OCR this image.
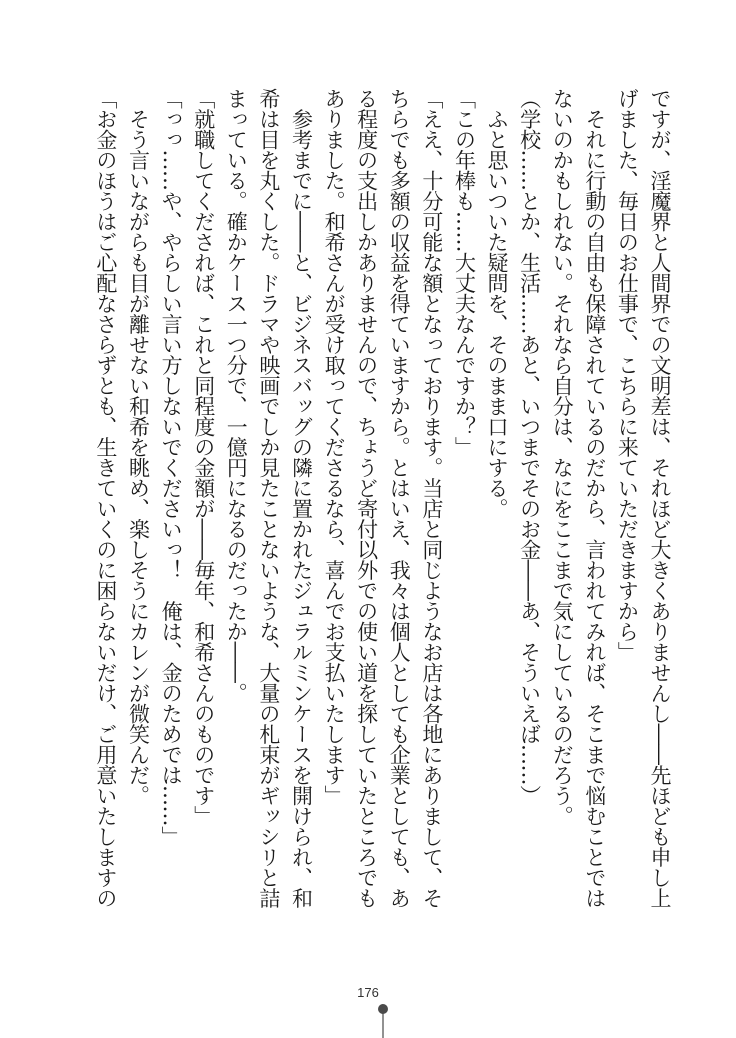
ですが、淫魔界と人間界での文明差は、それほど大きくありませんし――先ほども申し上
げました、毎日のお仕事で、こちらに来ていただきますから」
　それに行動の自由も保障されているのだから、言われてみれば、そこまで悩むことでは
ないのかもしれない。それなら自分は、なにをここまで気にしているのだろう。
（学校……とか、生活……あと、いつまでそのお金――あ、そういえば……）
　ふと思いついた疑問を、そのまま口にする。
「この年棒も……大丈夫なんですか？」
「ええ、十分可能な額となっております。当店と同じようなお店は各地にありまして、そ
ちらでも多額の収益を得ていますから。とはいえ、我々は個人としても企業としても、あ
る程度の支出しかありませんので、ちょうど寄付以外での使い道を探していたところでも
ありました。和希さんが受け取ってくださるなら、喜んでお支払いたします」
　参考までに――と、ビジネスバッグの隣に置かれたジュラルミンケースを開けられ、和
希は目を丸くした。ドラマや映画でしか見たことないような、大量の札束がギッシリと詰
まっている。確かケース一つ分で、一億円になるのだったか――。
「就職してくだされば、これと同程度の金額が――毎年、和希さんのものです」
「っっ……や、やらしい言い方しないでくださいっ！　俺は、金のためでは……」
　そう言いながらも目が離せない和希を眺め、楽しそうにカレンが微笑んだ。
「お金のほうはご心配なさらずとも、生きていくのに困らないだけ、ご用意いたしますの
176
